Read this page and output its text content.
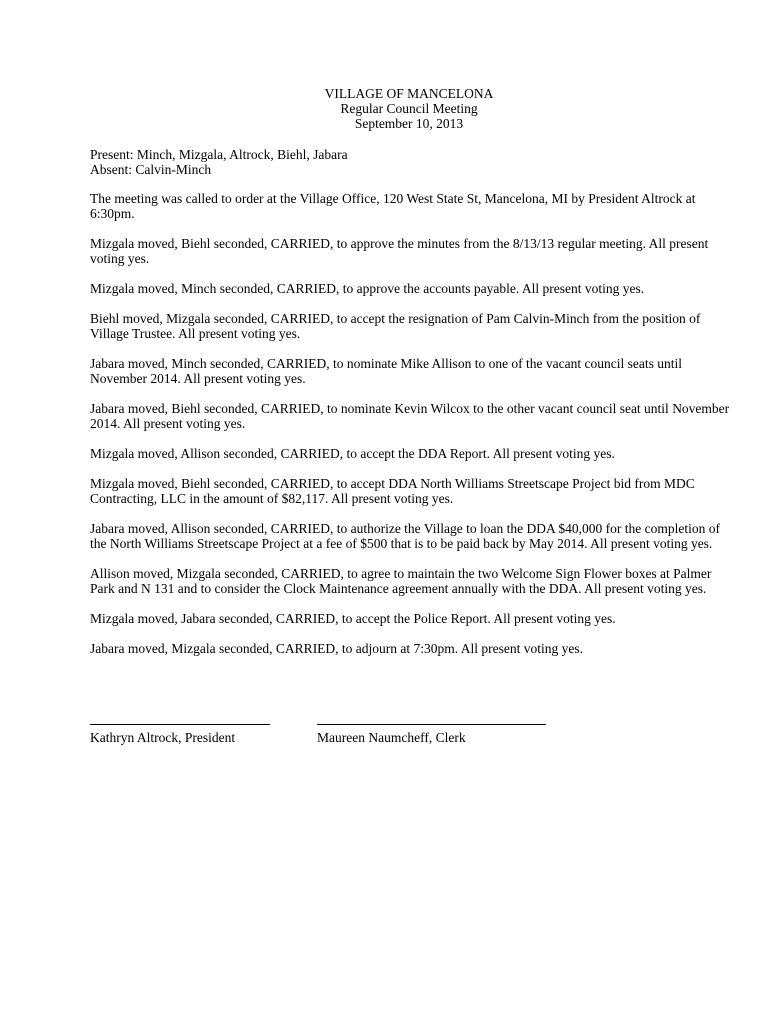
VILLAGE OF MANCELONA
Regular Council Meeting
September 10, 2013
Present: Minch, Mizgala, Altrock, Biehl, Jabara
Absent: Calvin-Minch

The meeting was called to order at the Village Office, 120 West State St, Mancelona, MI by President Altrock at 6:30pm.

Mizgala moved, Biehl seconded, CARRIED, to approve the minutes from the 8/13/13 regular meeting. All present voting yes.

Mizgala moved, Minch seconded, CARRIED, to approve the accounts payable. All present voting yes.

Biehl moved, Mizgala seconded, CARRIED, to accept the resignation of Pam Calvin-Minch from the position of Village Trustee. All present voting yes.

Jabara moved, Minch seconded, CARRIED, to nominate Mike Allison to one of the vacant council seats until November 2014. All present voting yes.

Jabara moved, Biehl seconded, CARRIED, to nominate Kevin Wilcox to the other vacant council seat until November 2014. All present voting yes.

Mizgala moved, Allison seconded, CARRIED, to accept the DDA Report. All present voting yes.

Mizgala moved, Biehl seconded, CARRIED, to accept DDA North Williams Streetscape Project bid from MDC Contracting, LLC in the amount of $82,117. All present voting yes.

Jabara moved, Allison seconded, CARRIED, to authorize the Village to loan the DDA $40,000 for the completion of the North Williams Streetscape Project at a fee of $500 that is to be paid back by May 2014. All present voting yes.

Allison moved, Mizgala seconded, CARRIED, to agree to maintain the two Welcome Sign Flower boxes at Palmer Park and N 131 and to consider the Clock Maintenance agreement annually with the DDA. All present voting yes.

Mizgala moved, Jabara seconded, CARRIED, to accept the Police Report. All present voting yes.

Jabara moved, Mizgala seconded, CARRIED, to adjourn at 7:30pm. All present voting yes.

Kathryn Altrock, President	Maureen Naumcheff, Clerk
